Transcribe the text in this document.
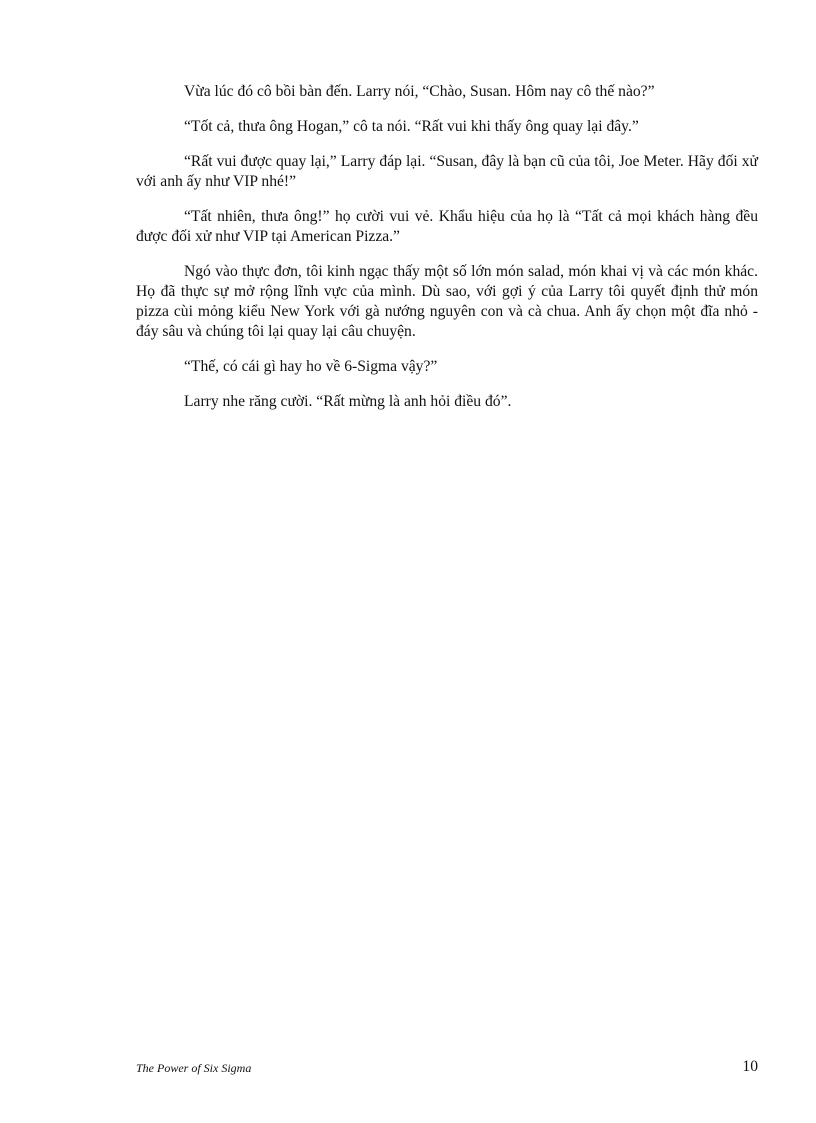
Vừa lúc đó cô bồi bàn đến. Larry nói, “Chào, Susan. Hôm nay cô thế nào?”

“Tốt cả, thưa ông Hogan,” cô ta nói. “Rất vui khi thấy ông quay lại đây.”

“Rất vui được quay lại,” Larry đáp lại. “Susan, đây là bạn cũ của tôi, Joe Meter. Hãy đối xử với anh ấy như VIP nhé!”

“Tất nhiên, thưa ông!” họ cười vui vẻ. Khẩu hiệu của họ là “Tất cả mọi khách hàng đều được đối xử như VIP tại American Pizza.”

Ngó vào thực đơn, tôi kinh ngạc thấy một số lớn món salad, món khai vị và các món khác. Họ đã thực sự mở rộng lĩnh vực của mình. Dù sao, với gợi ý của Larry tôi quyết định thử món pizza cùi mỏng kiểu New York với gà nướng nguyên con và cà chua. Anh ấy chọn một đĩa nhỏ - đáy sâu và chúng tôi lại quay lại câu chuyện.

“Thế, có cái gì hay ho về 6-Sigma vậy?”

Larry nhe răng cười. “Rất mừng là anh hỏi điều đó”.

The Power of Six Sigma	10
